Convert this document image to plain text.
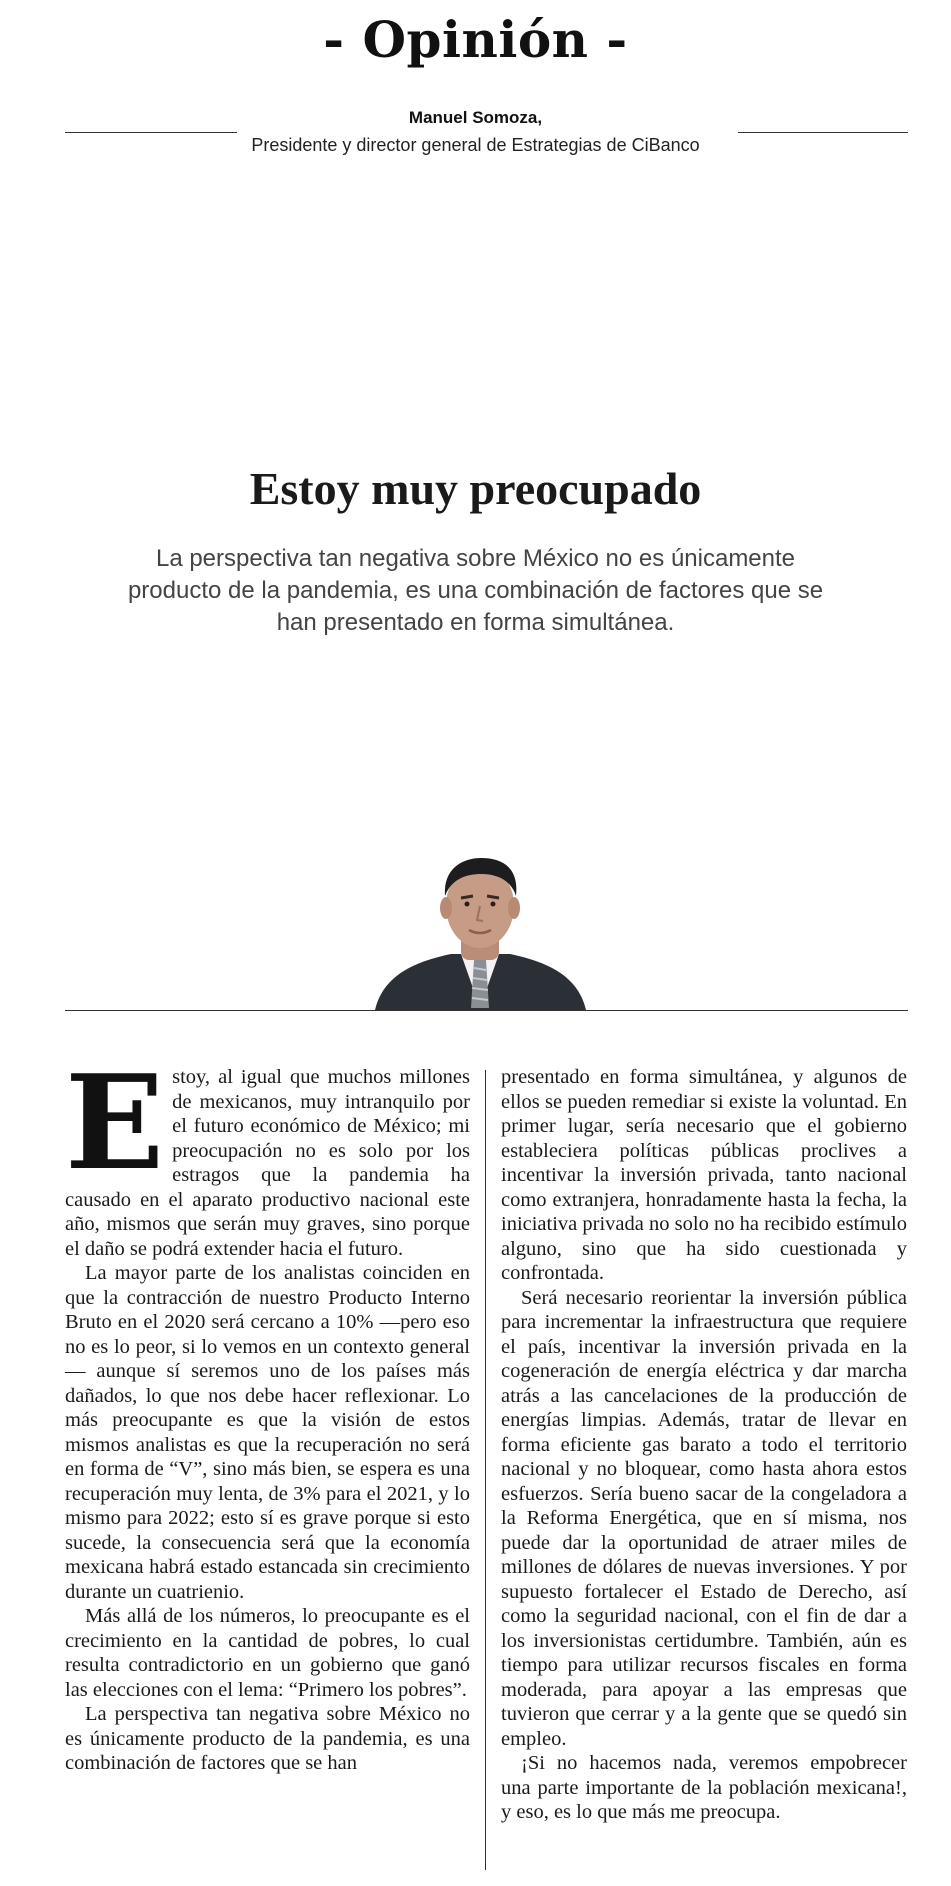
- Opinión -
Manuel Somoza,
Presidente y director general de Estrategias de CiBanco
Estoy muy preocupado

La perspectiva tan negativa sobre México no es únicamente producto de la pandemia, es una combinación de factores que se han presentado en forma simultánea.

E stoy, al igual que muchos millones de mexicanos, muy intranquilo por el futuro económico de México; mi preocupación no es solo por los estragos que la pandemia ha causado en el aparato productivo nacional este año, mismos que serán muy graves, sino porque el daño se podrá extender hacia el futuro.

La mayor parte de los analistas coinciden en que la contracción de nuestro Producto Interno Bruto en el 2020 será cercano a 10% —pero eso no es lo peor, si lo vemos en un contexto general— aunque sí seremos uno de los países más dañados, lo que nos debe hacer reflexionar. Lo más preocupante es que la visión de estos mismos analistas es que la recuperación no será en forma de “V”, sino más bien, se espera es una recuperación muy lenta, de 3% para el 2021, y lo mismo para 2022; esto sí es grave porque si esto sucede, la consecuencia será que la economía mexicana habrá estado estancada sin crecimiento durante un cuatrienio.

Más allá de los números, lo preocupante es el crecimiento en la cantidad de pobres, lo cual resulta contradictorio en un gobierno que ganó las elecciones con el lema: “Primero los pobres”.

La perspectiva tan negativa sobre México no es únicamente producto de la pandemia, es una combinación de factores que se han

presentado en forma simultánea, y algunos de ellos se pueden remediar si existe la voluntad. En primer lugar, sería necesario que el gobierno estableciera políticas públicas proclives a incentivar la inversión privada, tanto nacional como extranjera, honradamente hasta la fecha, la iniciativa privada no solo no ha recibido estímulo alguno, sino que ha sido cuestionada y confrontada.

Será necesario reorientar la inversión pública para incrementar la infraestructura que requiere el país, incentivar la inversión privada en la cogeneración de energía eléctrica y dar marcha atrás a las cancelaciones de la producción de energías limpias. Además, tratar de llevar en forma eficiente gas barato a todo el territorio nacional y no bloquear, como hasta ahora estos esfuerzos. Sería bueno sacar de la congeladora a la Reforma Energética, que en sí misma, nos puede dar la oportunidad de atraer miles de millones de dólares de nuevas inversiones. Y por supuesto fortalecer el Estado de Derecho, así como la seguridad nacional, con el fin de dar a los inversionistas certidumbre. También, aún es tiempo para utilizar recursos fiscales en forma moderada, para apoyar a las empresas que tuvieron que cerrar y a la gente que se quedó sin empleo.

¡Si no hacemos nada, veremos empobrecer una parte importante de la población mexicana!, y eso, es lo que más me preocupa.
